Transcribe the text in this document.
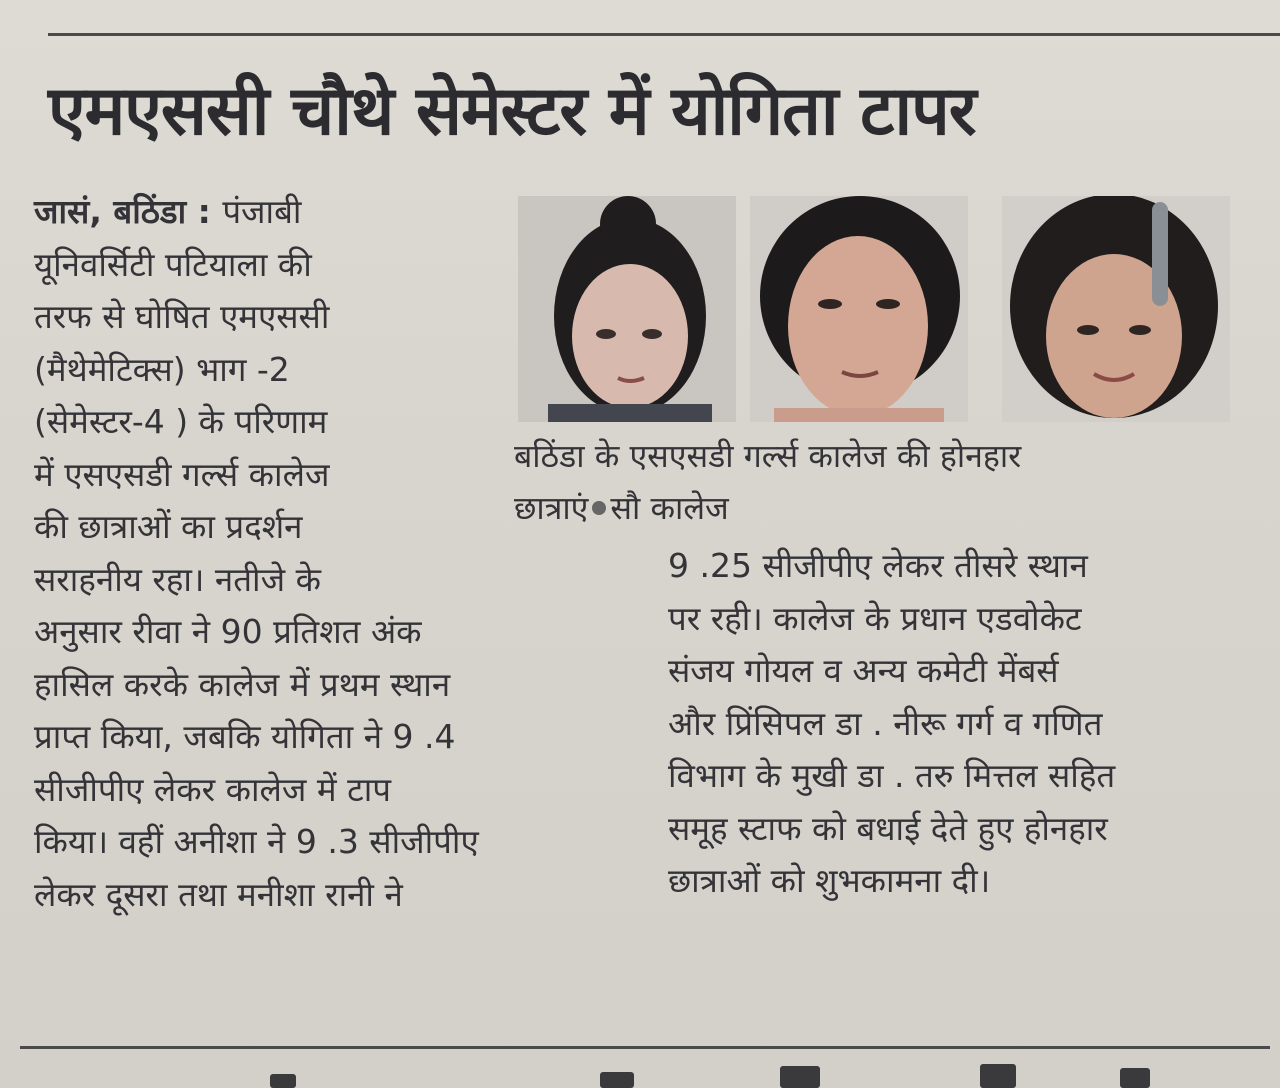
एमएससी चौथे सेमेस्टर में योगिता टापर
जासं, बठिंडा : पंजाबी
यूनिवर्सिटी पटियाला की
तरफ से घोषित एमएससी
(मैथेमेटिक्स) भाग -2
(सेमेस्टर-4 ) के परिणाम
में एसएसडी गर्ल्स कालेज
की छात्राओं का प्रदर्शन
सराहनीय रहा। नतीजे के
अनुसार रीवा ने 90 प्रतिशत अंक
हासिल करके कालेज में प्रथम स्थान
प्राप्त किया, जबकि योगिता ने 9 .4
सीजीपीए लेकर कालेज में टाप
किया। वहीं अनीशा ने 9 .3 सीजीपीए
लेकर दूसरा तथा मनीशा रानी ने
बठिंडा के एसएसडी गर्ल्स कालेज की होनहार
छात्राएं सौ कालेज
9 .25 सीजीपीए लेकर तीसरे स्थान
पर रही। कालेज के प्रधान एडवोकेट
संजय गोयल व अन्य कमेटी मेंबर्स
और प्रिंसिपल डा . नीरू गर्ग व गणित
विभाग के मुखी डा . तरु मित्तल सहित
समूह स्टाफ को बधाई देते हुए होनहार
छात्राओं को शुभकामना दी।
